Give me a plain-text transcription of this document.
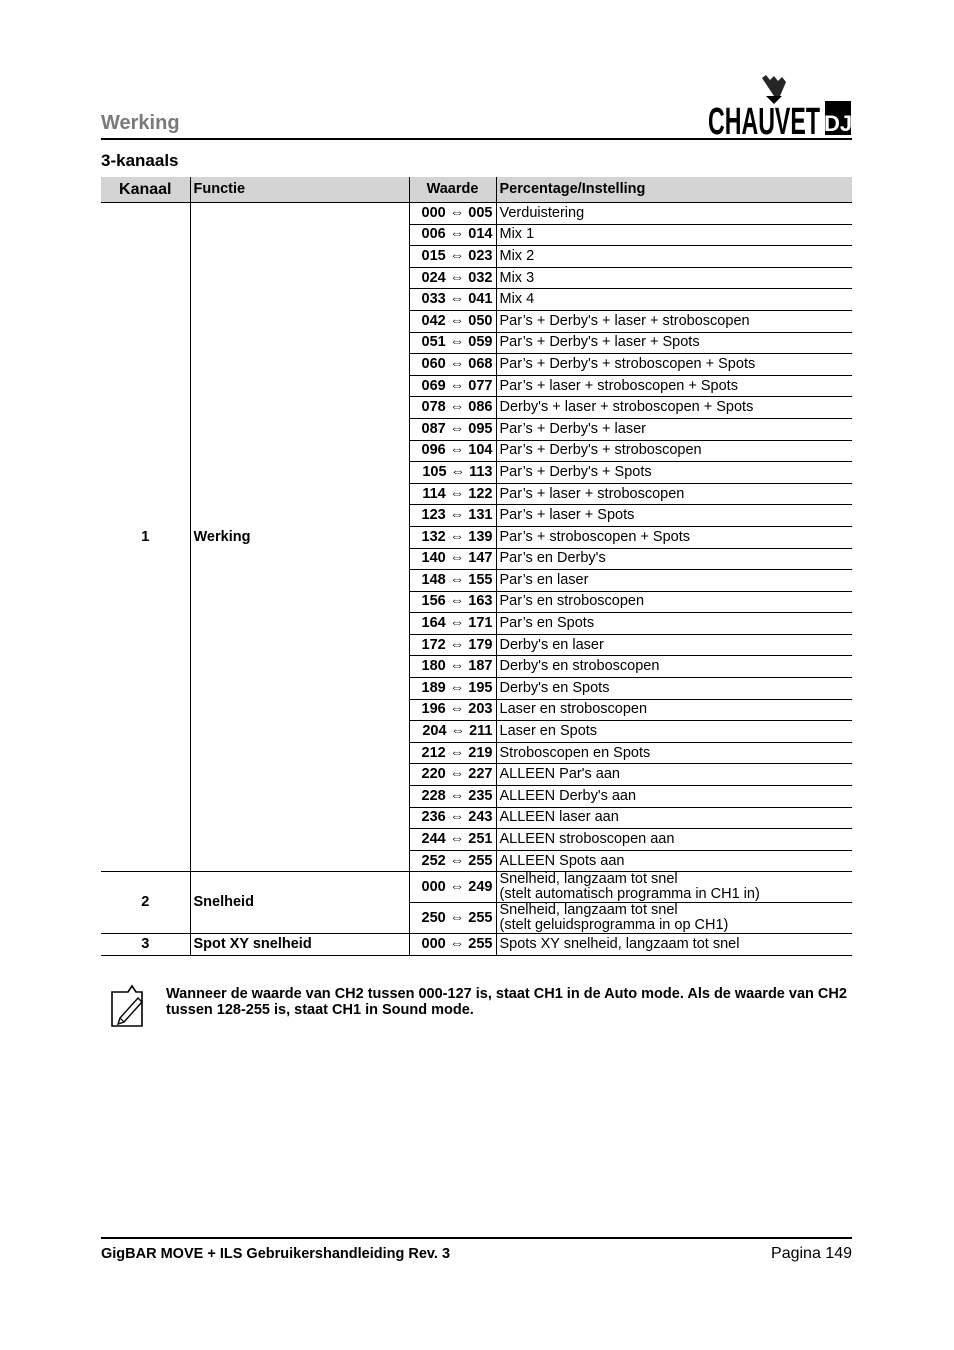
Werking	CHAUVET DJ
3-kanaals
Kanaal	Functie	Waarde	Percentage/Instelling
1	Werking	000 ⇔ 005	Verduistering
		006 ⇔ 014	Mix 1
		015 ⇔ 023	Mix 2
		024 ⇔ 032	Mix 3
		033 ⇔ 041	Mix 4
		042 ⇔ 050	Par’s + Derby's + laser + stroboscopen
		051 ⇔ 059	Par’s + Derby's + laser + Spots
		060 ⇔ 068	Par’s + Derby's + stroboscopen + Spots
		069 ⇔ 077	Par’s + laser + stroboscopen + Spots
		078 ⇔ 086	Derby's + laser + stroboscopen + Spots
		087 ⇔ 095	Par’s + Derby's + laser
		096 ⇔ 104	Par’s + Derby's + stroboscopen
		105 ⇔ 113	Par’s + Derby's + Spots
		114 ⇔ 122	Par’s + laser + stroboscopen
		123 ⇔ 131	Par’s + laser + Spots
		132 ⇔ 139	Par’s + stroboscopen + Spots
		140 ⇔ 147	Par’s en Derby's
		148 ⇔ 155	Par’s en laser
		156 ⇔ 163	Par’s en stroboscopen
		164 ⇔ 171	Par’s en Spots
		172 ⇔ 179	Derby's en laser
		180 ⇔ 187	Derby's en stroboscopen
		189 ⇔ 195	Derby's en Spots
		196 ⇔ 203	Laser en stroboscopen
		204 ⇔ 211	Laser en Spots
		212 ⇔ 219	Stroboscopen en Spots
		220 ⇔ 227	ALLEEN Par's aan
		228 ⇔ 235	ALLEEN Derby's aan
		236 ⇔ 243	ALLEEN laser aan
		244 ⇔ 251	ALLEEN stroboscopen aan
		252 ⇔ 255	ALLEEN Spots aan
2	Snelheid	000 ⇔ 249	Snelheid, langzaam tot snel
(stelt automatisch programma in CH1 in)

		250 ⇔ 255	Snelheid, langzaam tot snel
(stelt geluidsprogramma in op CH1)

3	Spot XY snelheid	000 ⇔ 255	Spots XY snelheid, langzaam tot snel
Wanneer de waarde van CH2 tussen 000-127 is, staat CH1 in de Auto mode. Als de waarde van CH2 tussen 128-255 is, staat CH1 in Sound mode.
GigBAR MOVE + ILS Gebruikershandleiding Rev. 3	Pagina 149
